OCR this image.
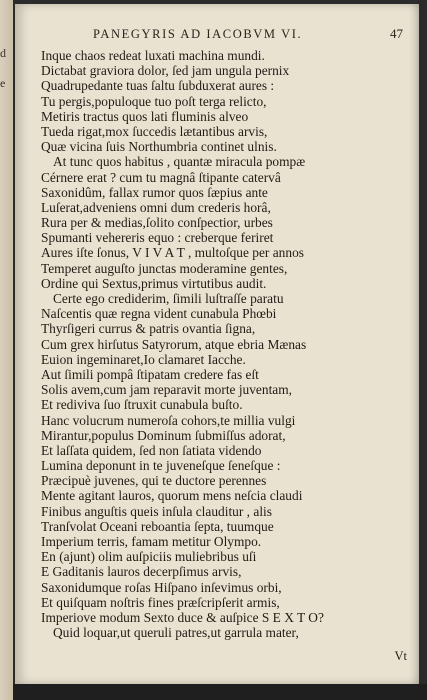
d
e
PANEGYRIS AD IACOBVM VI.	47
Inque chaos redeat luxati machina mundi.
Dictabat graviora dolor, ſed jam ungula pernix
Quadrupedante tuas ſaltu ſubduxerat aures :
Tu pergis,populoque tuo poſt terga relicto,
Metiris tractus quos lati fluminis alveo
Tueda rigat,mox ſuccedis lætantibus arvis,
Quæ vicina ſuis Northumbria continet ulnis.
At tunc quos habitus , quantæ miracula pompæ
Cérnere erat ? cum tu magnâ ſtipante catervâ
Saxonidûm, fallax rumor quos ſæpius ante
Luſerat,adveniens omni dum crederis horâ,
Rura per & medias,ſolito conſpectior, urbes
Spumanti vehereris equo : creberque feriret
Aures iſte ſonus, V I V A T , multoſque per annos
Temperet auguſto junctas moderamine gentes,
Ordine qui Sextus,primus virtutibus audit.
Certe ego crediderim, ſimili luſtraſſe paratu
Naſcentis quæ regna vident cunabula Phœbi
Thyrſigeri currus & patris ovantia ſigna,
Cum grex hirſutus Satyrorum, atque ebria Mænas
Euion ingeminaret,Io clamaret Iacche.
Aut ſimili pompâ ſtipatam credere fas eſt
Solis avem,cum jam reparavit morte juventam,
Et rediviva ſuo ſtruxit cunabula buſto.
Hanc volucrum numeroſa cohors,te millia vulgi
Mirantur,populus Dominum ſubmiſſus adorat,
Et laſſata quidem, ſed non ſatiata videndo
Lumina deponunt in te juveneſque ſeneſque :
Præcipuè juvenes, qui te ductore perennes
Mente agitant lauros, quorum mens neſcia claudi
Finibus anguſtis queis inſula clauditur , alis
Tranſvolat Oceani reboantia ſepta, tuumque
Imperium terris, famam metitur Olympo.
En (ajunt) olim auſpiciis muliebribus uſi
E Gaditanis lauros decerpſimus arvis,
Saxonidumque roſas Hiſpano inſevimus orbi,
Et quiſquam noſtris fines præſcripſerit armis,
Imperiove modum Sexto duce & auſpice S E X T O?
Quid loquar,ut queruli patres,ut garrula mater,
Vt
